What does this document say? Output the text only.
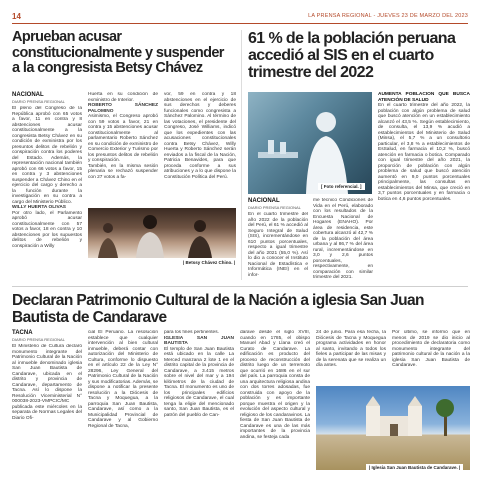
14	LA PRENSA REGIONAL - JUEVES 23 DE MARZO DEL 2023
Aprueban acusar constitucionalmente y suspender a la congresista Betsy Chávez
NACIONAL
DIARIO PRENSA REGIONAL
El pleno del Congreso de la República aprobó con 65 votos a favor, 11 en contra y 8 abstenciones acusar constitucionalmente a la congresista Betsy Chávez en su condición de exministra por los presuntos delitos de rebelión y conspiración contra los poderes del Estado. Además, la representación nacional también aprobó con 66 votos a favor, 15 en contra y 3 abstenciones suspender a Chávez Chino en el ejercicio del cargo y derecho a la función durante la investigación en su contra a cargo del Ministerio Público.
WILLY HUERTA OLIVAS
Por otro lado, el Parlamento aprobó acusar constitucionalmente con 57 votos a favor, 18 en contra y 10 abstenciones por los supuestos delitos de rebelión y conspiración a Willy
Huerta en su condición de exministro de Interior.
ROBERTO SÁNCHEZ PALOMINO
Asimismo, el Congreso aprobó con 59 votos a favor, 21 en contra y 15 abstenciones acusar constitucionalmente al parlamentario Roberto Sánchez en su condición de exministro de Comercio Exterior y Turismo por los presuntos delitos de rebelión y conspiración.
También, en la misma sesión plenaria se rechazó suspender con 27 votos a fa-
vor, 59 en contra y 18 abstenciones en el ejercicio de sus derechos y deberes funcionales como congresista a Sánchez Palomino. Al término de las votaciones, el presidente del Congreso, José Williams, indicó que los expedientes con las acusaciones constitucionales contra Betsy Chávez, Willy Huerta y Roberto Sánchez serán enviados a la fiscal de la Nación, Patricia Benavides, para que proceda conforme a sus atribuciones y a lo que dispone la Constitución Política del Perú.
| Betssy Chávez Chino. |
61 % de la población peruana accedió al SIS en el cuarto trimestre del 2022
[ Foto referencial. ]
NACIONAL
DIARIO PRENSA REGIONAL
En el cuarto trimestre del año 2022 de la población del Perú, el 61 % accedió al Seguro Integral de Salud (SIS), incrementándose en 610 puntos porcentuales, respecto a igual trimestre del año 2021 (55,0 %). Así lo dio a conocer el Instituto Nacional de Estadística e Informática (INEI) en el infor-
me técnico Condiciones de Vida en el Perú, elaborado con los resultados de la Encuesta Nacional de Hogares (ENAHO). Por área de residencia, este cobertura alcanzó al 42,7 % de la población del área urbana y al 86,7 % del área rural, incrementándose en 3,0 y 2,6 puntos porcentuales, respectivamente, en comparación con similar trimestre del 2021.
AUMENTA POBLACIÓN QUE BUSCA ATENCIÓN DE SALUD
En el cuarto trimestre del año 2022, la población con algún problema de salud que buscó atención en un establecimiento alcanzó el 43,5 %. Según establecimiento, de consulta, el 13,9 % acudió a establecimientos del Ministerio de Salud (Minsa), el 5,7 % a un consultorio particular, el 3,8 % a establecimientos de EsSalud, en farmacia el 10,2 %, buscó atención en farmacia o botica. Comparado con igual trimestre del año 2021, la proporción de población con algún problema de salud que buscó atención aumentó en 9,0 puntos porcentuales principalmente, las consultas en establecimientos del Minsa, que creció en 3,7 puntos porcentuales y en farmacia o botica en 4,6 puntos porcentuales.
Declaran Patrimonio Cultural de la Nación a iglesia San Juan Bautista de Candarave
TACNA
DIARIO PRENSA REGIONAL
El Ministerio de Cultura declaró monumento integrante del Patrimonio Cultural de la Nación al inmueble denominado iglesia San Juan Bautista de Candarave, ubicada en el distrito y provincia de Candarave, departamento de Tacna. Así lo dispone la Resolución Viceministerial N° 000038-2023-VMPCIC/MC publicada este miércoles en la separata de Normas Legales del Diario Ofi-
cial El Peruano. La resolución establece que cualquier intervención al bien cultural inmueble, deberá contar con autorización del Ministerio de Cultura, conforme lo dispuesto en el artículo 22 de la Ley N° 28296, Ley General del Patrimonio Cultural de la Nación y sus modificatorias. Además, se dispone a notificar la presente resolución a la Diócesis de Tacna y Moquegua, a la parroquia San Juan Bautista, Candarave, así como a la Municipalidad Provincial de Candarave y al Gobierno Regional de Tacna,
para los fines pertinentes.
IGLESIA SAN JUAN BAUTISTA
El templo de San Juan Bautista está ubicado en la calle La Merced manzana 2 lote 1 en el distrito capital de la provincia de Candarave, a 3.415 metros sobre el nivel del mar y a 194 kilómetros de la ciudad de Tacna. El monumento es uno de los principales edificios religiosos de Candarave, el cual tenga la eligie del mencionado santo, San Juan Bautista, es el patrón del pueblo de Can-
darave desde el siglo XVIII, cuando en 1785, el obispo Manuel Abad y Llana creó el Curato de Candarave. La edificación es producto del proceso de reconstrucción del distrito luego de un terremoto que ocurrió en 1686 en el sur del país. La parroquia consta de una arquitectura religiosa andina con dos torres adosadas, fue construida con apoyo de la población y es importante porque muestra el origen y la evolución del aspecto cultural y religioso de los candaravinos. La fiesta de San Juan Bautista de Candarave es una de las más importantes de la provincia andina, se festeja cada
24 de junio. Para esa fecha, la Diócesis de Tacna y Moquegua programa actividades en honor al santo, invitando a todos los fieles a participar de las misas y de la serenata que se realiza un día antes.
Por último, se informó que en menos de 2019 se dio inicio al procedimiento de declaratoria como monumento integrante del patrimonio cultural de la nación a la iglesia San Juan Bautista de Candarave.
| Iglesia San Juan Bautista de Candarave. |
